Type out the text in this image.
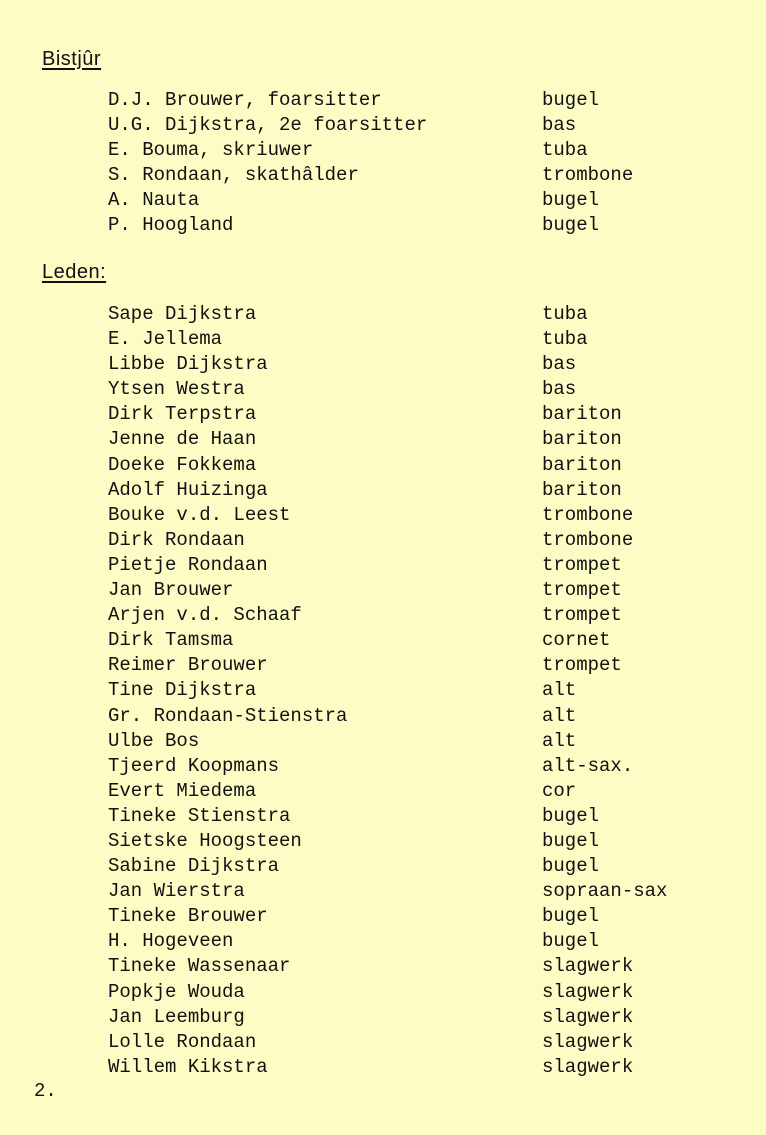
Bistjûr
D.J. Brouwer, foarsitter	bugel
U.G. Dijkstra, 2e foarsitter	bas
E. Bouma, skriuwer	tuba
S. Rondaan, skathâlder	trombone
A. Nauta	bugel
P. Hoogland	bugel
Leden:
Sape Dijkstra	tuba
E. Jellema	tuba
Libbe Dijkstra	bas
Ytsen Westra	bas
Dirk Terpstra	bariton
Jenne de Haan	bariton
Doeke Fokkema	bariton
Adolf Huizinga	bariton
Bouke v.d. Leest	trombone
Dirk Rondaan	trombone
Pietje Rondaan	trompet
Jan Brouwer	trompet
Arjen v.d. Schaaf	trompet
Dirk Tamsma	cornet
Reimer Brouwer	trompet
Tine Dijkstra	alt
Gr. Rondaan-Stienstra	alt
Ulbe Bos	alt
Tjeerd Koopmans	alt-sax.
Evert Miedema	cor
Tineke Stienstra	bugel
Sietske Hoogsteen	bugel
Sabine Dijkstra	bugel
Jan Wierstra	sopraan-sax
Tineke Brouwer	bugel
H. Hogeveen	bugel
Tineke Wassenaar	slagwerk
Popkje Wouda	slagwerk
Jan Leemburg	slagwerk
Lolle Rondaan	slagwerk
Willem Kikstra	slagwerk
2.
